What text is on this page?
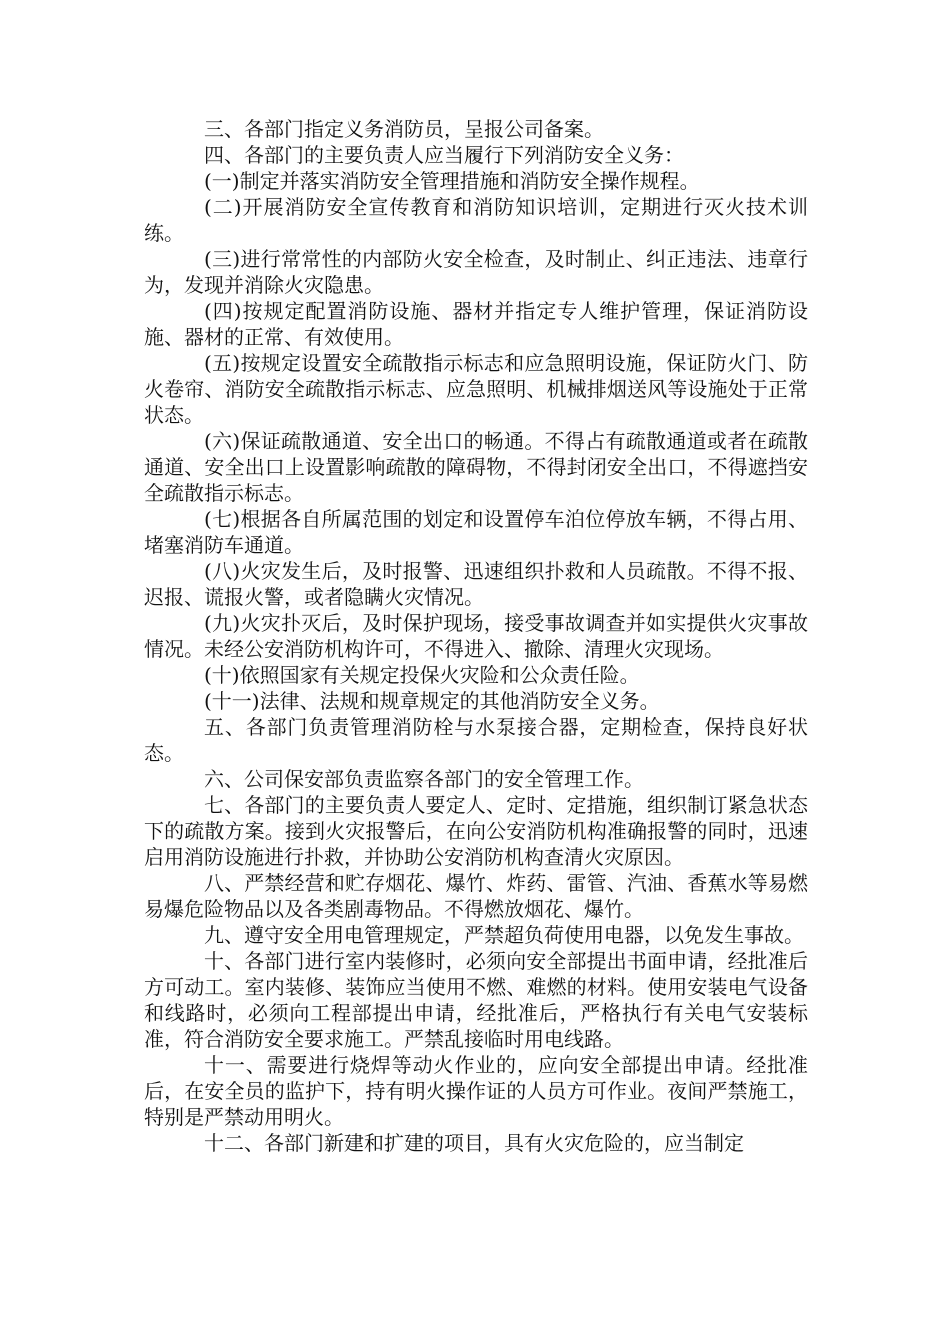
三、各部门指定义务消防员，呈报公司备案。

四、各部门的主要负责人应当履行下列消防安全义务：

(一)制定并落实消防安全管理措施和消防安全操作规程。

(二)开展消防安全宣传教育和消防知识培训，定期进行灭火技术训练。

(三)进行常常性的内部防火安全检查，及时制止、纠正违法、违章行为，发现并消除火灾隐患。

(四)按规定配置消防设施、器材并指定专人维护管理，保证消防设施、器材的正常、有效使用。

(五)按规定设置安全疏散指示标志和应急照明设施，保证防火门、防火卷帘、消防安全疏散指示标志、应急照明、机械排烟送风等设施处于正常状态。

(六)保证疏散通道、安全出口的畅通。不得占有疏散通道或者在疏散通道、安全出口上设置影响疏散的障碍物，不得封闭安全出口，不得遮挡安全疏散指示标志。

(七)根据各自所属范围的划定和设置停车泊位停放车辆，不得占用、堵塞消防车通道。

(八)火灾发生后，及时报警、迅速组织扑救和人员疏散。不得不报、迟报、谎报火警，或者隐瞒火灾情况。

(九)火灾扑灭后，及时保护现场，接受事故调查并如实提供火灾事故情况。未经公安消防机构许可，不得进入、撤除、清理火灾现场。

(十)依照国家有关规定投保火灾险和公众责任险。

(十一)法律、法规和规章规定的其他消防安全义务。

五、各部门负责管理消防栓与水泵接合器，定期检查，保持良好状态。

六、公司保安部负责监察各部门的安全管理工作。

七、各部门的主要负责人要定人、定时、定措施，组织制订紧急状态下的疏散方案。接到火灾报警后，在向公安消防机构准确报警的同时，迅速启用消防设施进行扑救，并协助公安消防机构查清火灾原因。

八、严禁经营和贮存烟花、爆竹、炸药、雷管、汽油、香蕉水等易燃易爆危险物品以及各类剧毒物品。不得燃放烟花、爆竹。

九、遵守安全用电管理规定，严禁超负荷使用电器，以免发生事故。

十、各部门进行室内装修时，必须向安全部提出书面申请，经批准后方可动工。室内装修、装饰应当使用不燃、难燃的材料。使用安装电气设备和线路时，必须向工程部提出申请，经批准后，严格执行有关电气安装标准，符合消防安全要求施工。严禁乱接临时用电线路。

十一、需要进行烧焊等动火作业的，应向安全部提出申请。经批准后，在安全员的监护下，持有明火操作证的人员方可作业。夜间严禁施工，特别是严禁动用明火。

十二、各部门新建和扩建的项目，具有火灾危险的，应当制定
